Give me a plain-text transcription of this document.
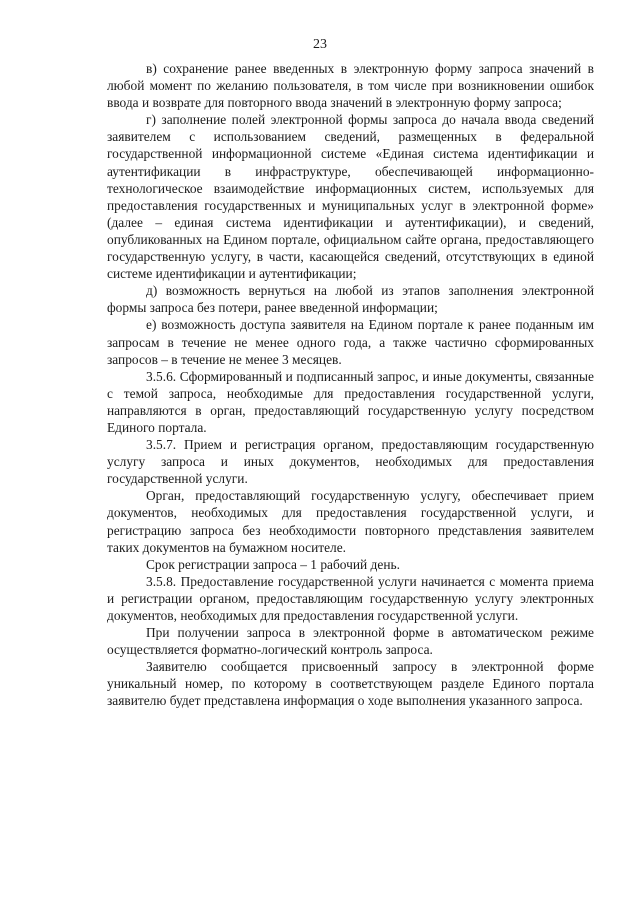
23

в) сохранение ранее введенных в электронную форму запроса значений в любой момент по желанию пользователя, в том числе при возникновении ошибок ввода и возврате для повторного ввода значений в электронную форму запроса;

г) заполнение полей электронной формы запроса до начала ввода сведений заявителем с использованием сведений, размещенных в федеральной государственной информационной системе «Единая система идентификации и аутентификации в инфраструктуре, обеспечивающей информационно-технологическое взаимодействие информационных систем, используемых для предоставления государственных и муниципальных услуг в электронной форме» (далее – единая система идентификации и аутентификации), и сведений, опубликованных на Едином портале, официальном сайте органа, предоставляющего государственную услугу, в части, касающейся сведений, отсутствующих в единой системе идентификации и аутентификации;

д) возможность вернуться на любой из этапов заполнения электронной формы запроса без потери, ранее введенной информации;

е) возможность доступа заявителя на Едином портале к ранее поданным им запросам в течение не менее одного года, а также частично сформированных запросов – в течение не менее 3 месяцев.

3.5.6. Сформированный и подписанный запрос, и иные документы, связанные с темой запроса, необходимые для предоставления государственной услуги, направляются в орган, предоставляющий государственную услугу посредством Единого портала.

3.5.7. Прием и регистрация органом, предоставляющим государственную услугу запроса и иных документов, необходимых для предоставления государственной услуги.

Орган, предоставляющий государственную услугу, обеспечивает прием документов, необходимых для предоставления государственной услуги, и регистрацию запроса без необходимости повторного представления заявителем таких документов на бумажном носителе.

Срок регистрации запроса – 1 рабочий день.

3.5.8. Предоставление государственной услуги начинается с момента приема и регистрации органом, предоставляющим государственную услугу электронных документов, необходимых для предоставления государственной услуги.

При получении запроса в электронной форме в автоматическом режиме осуществляется форматно-логический контроль запроса.

Заявителю сообщается присвоенный запросу в электронной форме уникальный номер, по которому в соответствующем разделе Единого портала заявителю будет представлена информация о ходе выполнения указанного запроса.
